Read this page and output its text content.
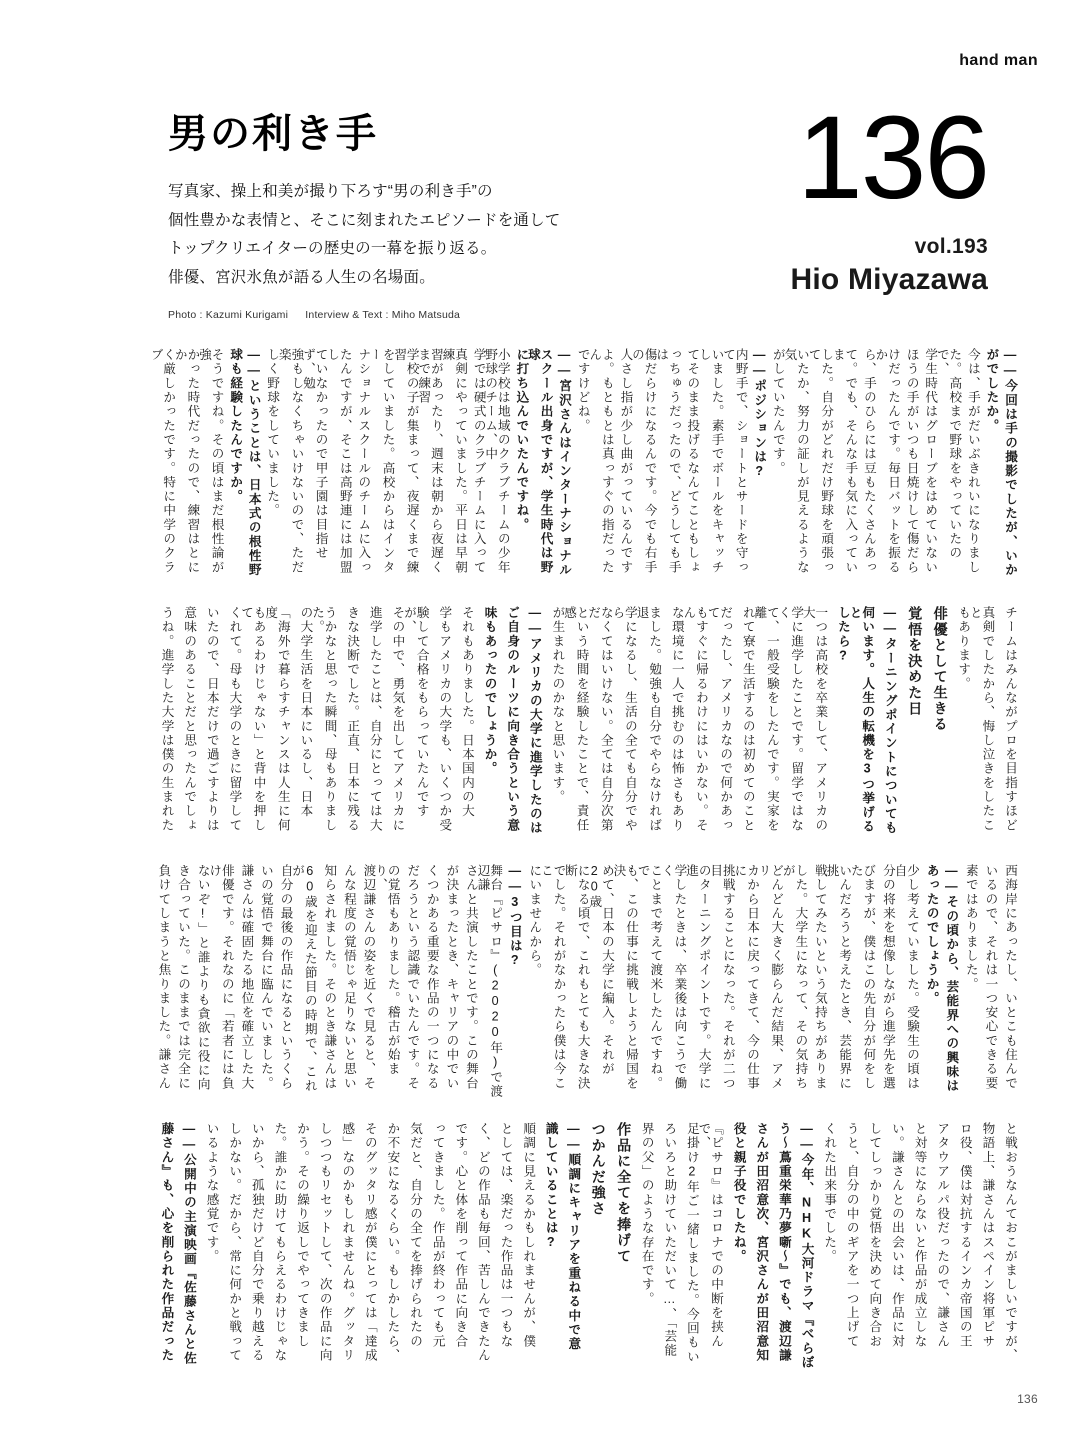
hand man
男の利き手
写真家、操上和美が撮り下ろす“男の利き手”の
個性豊かな表情と、そこに刻まれたエピソードを通して
トップクリエイターの歴史の一幕を振り返る。
俳優、宮沢氷魚が語る人生の名場面。
Photo : Kazumi Kurigami Interview & Text : Miho Matsuda
136
vol.193
Hio Miyazawa
――今回は手の撮影でしたが、いか
がでしたか。
今は、手がだいぶきれいになりまし
た。高校まで野球をやっていたので、
学生時代はグローブをはめていない
ほうの手がいつも日焼けして傷だら
けだったんです。毎日バットを振るか
ら、手のひらには豆もたくさんあっ
て。でも、そんな手も気に入っていま
した。自分がどれだけ野球を頑張って
いたか、努力の証しが見えるような気
がしていたんです。
――ポジションは?
内野手で、ショートとサードを守って
いました。素手でボールをキャッチし
てそのまま投げるなんてこともしょ
っちゅうだったので、どうしても手は
傷だらけになるんです。今でも右手の
人さし指が少し曲がっているんです
よ。もともとは真っすぐの指だったん
ですけどね。
――宮沢さんはインターナショナル
スクール出身ですが、学生時代は野球
に打ち込んでいたんですね。
小学校は地域のクラブチームの少年野球のチーム、中
学では硬式のクラブチームに入って
真剣にやっていました。平日は早朝練
習があったり、週末は朝から夜遅くまで練習
学校の子が集まって、夜遅くまで練習
をしていました。高校からはインター
ナショナルスクールのチームに入っ
たんですが、そこは高野連には加盟し
ていなかったので甲子園は目指せず、勉
強もしなくちゃいけないので、ただ楽
しく野球をしていました。
――ということは、日本式の根性野
球も経験したんですか。
そうですね。その頃はまだ根性論が強
かった時代だったので、練習はとにか
く厳しかったです。特に中学のクラブ
チームはみんながプロを目指すほど
真剣でしたから、悔し泣きをしたこと
もあります。
俳優として生きる
覚悟を決めた日
――ターニングポイントについても
伺います。人生の転機を3つ挙げると
したら?
一つは高校を卒業して、アメリカの大
学に進学したことです。留学ではなく
て、一般受験をしたんです。実家を離
れて寮で生活するのは初めてのこと
だったし、アメリカなので何かあって
もすぐに帰るわけにはいかない。そん
な環境に一人で挑むのは怖さもあり
ました。勉強も自分でやらなければ退
学になるし、生活の全ても自分でやら
なくてはいけない。全ては自分次第だ
という時間を経験したことで、責任感
が生まれたのかなと思います。
――アメリカの大学に進学したのは
ご自身のルーツに向き合うという意
味もあったのでしょうか。
それもありました。日本国内の大
学もアメリカの大学も、いくつか受
験して合格をもらっていたんですが、
その中で、勇気を出してアメリカに
進学したことは、自分にとっては大
きな決断でした。正直、日本に残る
うかなと思った瞬間、母もありました。
の大学生活を日本にいるし、日本
「海外で暮らすチャンスは人生に何度
もあるわけじゃない」と背中を押して
くれて。母も大学のときに留学して
いたので、日本だけで過ごすよりは
意味のあることだと思ったんでしょ
うね。進学した大学は僕の生まれた
西海岸にあったし、いとこも住んで
いるので、それは一つ安心できる要
素ではありました。
――その頃から、芸能界への興味は
あったのでしょうか。
少し考えていました。受験生の頃は自
分の将来を想像しながら進学先を選
びますが、僕はこの先自分が何をした
いんだろうと考えたとき、芸能界に挑
戦してみたいという気持ちがありま
した。大学生になって、その気持ちが
どんどん大きく膨らんだ結果、アメリ
カから日本に戻ってきて、今の仕事に
挑戦することになった。それが二つ目
のターニングポイントです。大学に進
学したときは、卒業後は向こうで働く
ことまで考えて渡米したんですね。で
も、この仕事に挑戦しようと帰国を決
めて、日本の大学に編入。それが20歳
になる頃で、これもとても大きな決断
でした。それがなかったら僕は今ここ
にいませんから。
――3つ目は?
舞台『ピサロ』(2020年)で渡辺謙
さんと共演したことです。この舞台
が決まったとき、キャリアの中でい
くつかある重要な作品の一つになる
だろうという認識でいたんです。そ
の覚悟もありました。稽古が始まり、
渡辺謙さんの姿を近くで見ると、そ
んな程度の覚悟じゃ足りないと思い
知らされました。そのとき謙さんは
60歳を迎えた節目の時期で、これが
自分の最後の作品になるというくら
いの覚悟で舞台に臨んでいました。
謙さんは確固たる地位を確立した大
俳優です。それなのに「若者には負け
ないぞ!」と誰よりも貪欲に役に向
き合っていた。このままでは完全に
負けてしまうと焦りました。謙さん
と戦おうなんておこがましいですが、
物語上、謙さんはスペイン将軍ピサ
ロ役、僕は対抗するインカ帝国の王
アタウアルパ役だったので、謙さん
と対等にならないと作品が成立しな
い。謙さんとの出会いは、作品に対
してしっかり覚悟を決めて向き合お
うと、自分の中のギアを一つ上げて
くれた出来事でした。
――今年、NHK大河ドラマ『べらぼ
う～蔦重栄華乃夢噺～』でも、渡辺謙
さんが田沼意次、宮沢さんが田沼意知
役と親子役でしたね。
『ピサロ』はコロナでの中断を挟んで、
足掛け2年ご一緒しました。今回もい
ろいろと助けていただいて…、「芸能
界の父」のような存在です。
作品に全てを捧げて
つかんだ強さ
――順調にキャリアを重ねる中で意
識していることは?
順調に見えるかもしれませんが、僕
としては、楽だった作品は一つもな
く、どの作品も毎回、苦しんできたん
です。心と体を削って作品に向き合
ってきました。作品が終わっても元
気だと、自分の全てを捧げられたの
か不安になるくらい。もしかしたら、
そのグッタリ感が僕にとっては「達成
感」なのかもしれませんね。グッタリ
しつつもリセットして、次の作品に向
かう。その繰り返しでやってきまし
た。誰かに助けてもらえるわけじゃな
いから、孤独だけど自分で乗り越える
しかない。だから、常に何かと戦って
いるような感覚です。
――公開中の主演映画『佐藤さんと佐
藤さん』も、心を削られた作品だった
136
